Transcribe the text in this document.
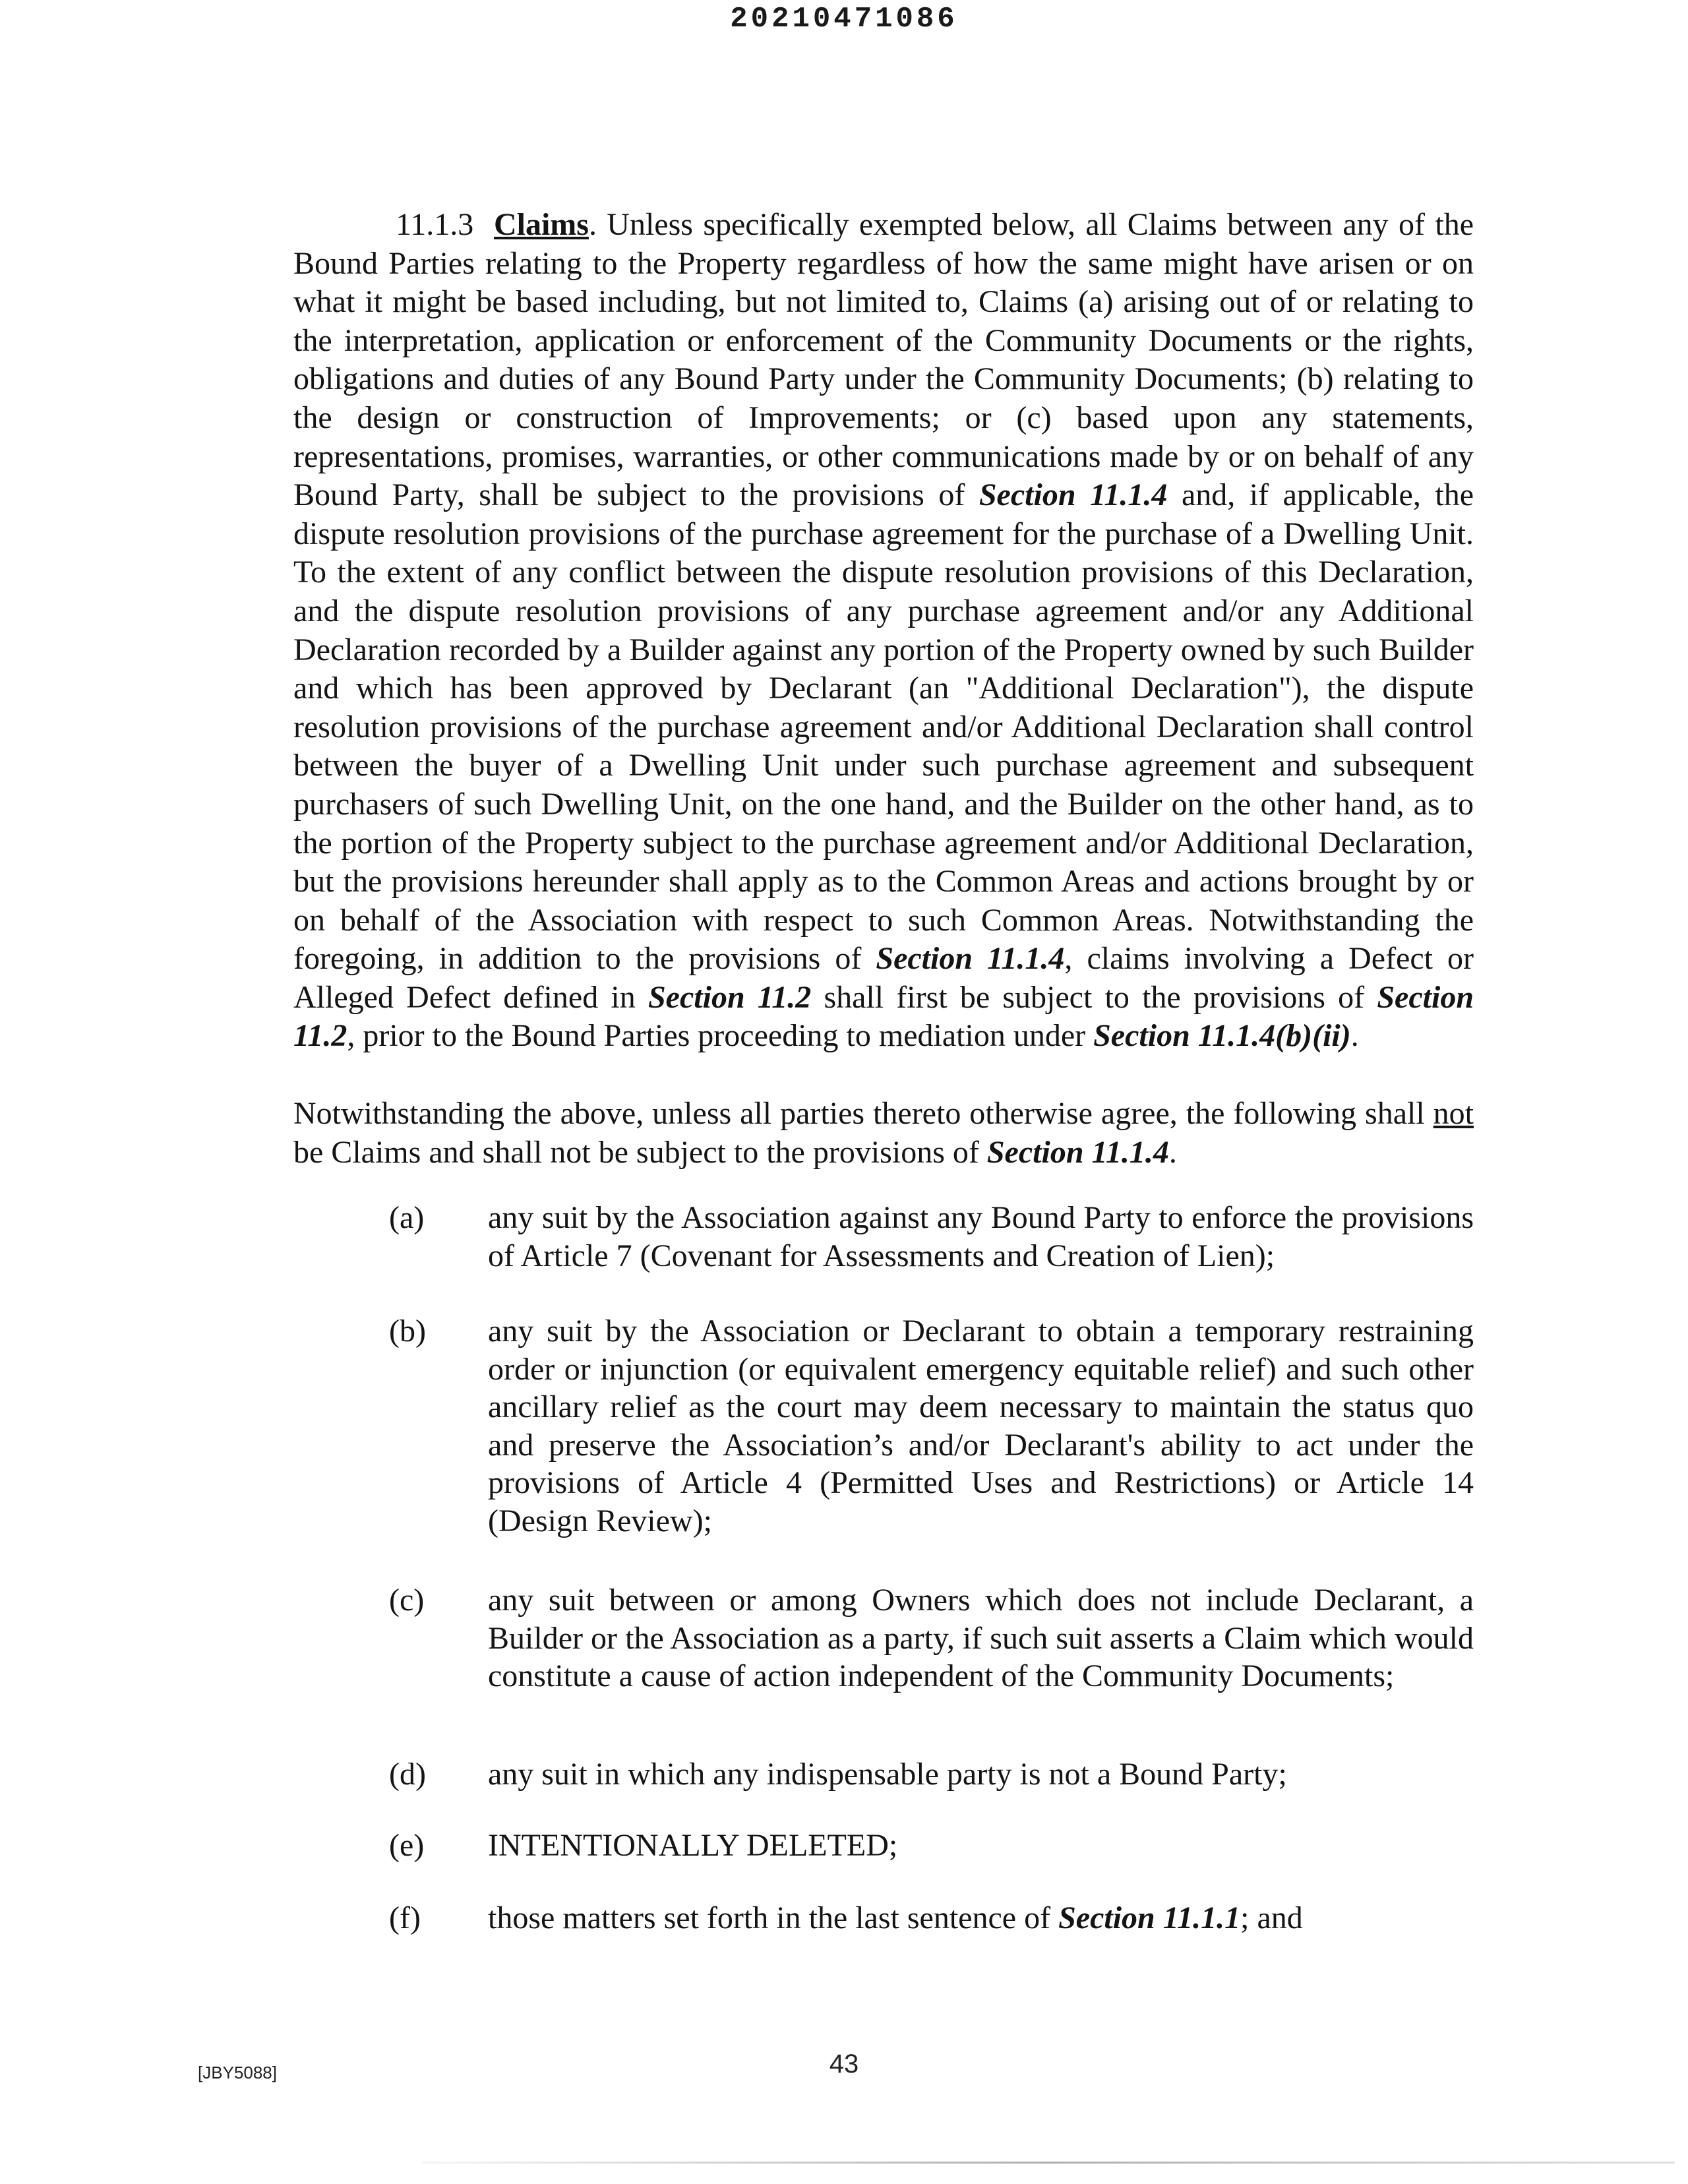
20210471086
11.1.3 Claims. Unless specifically exempted below, all Claims between any of the Bound Parties relating to the Property regardless of how the same might have arisen or on what it might be based including, but not limited to, Claims (a) arising out of or relating to the interpretation, application or enforcement of the Community Documents or the rights, obligations and duties of any Bound Party under the Community Documents; (b) relating to the design or construction of Improvements; or (c) based upon any statements, representations, promises, warranties, or other communications made by or on behalf of any Bound Party, shall be subject to the provisions of Section 11.1.4 and, if applicable, the dispute resolution provisions of the purchase agreement for the purchase of a Dwelling Unit. To the extent of any conflict between the dispute resolution provisions of this Declaration, and the dispute resolution provisions of any purchase agreement and/or any Additional Declaration recorded by a Builder against any portion of the Property owned by such Builder and which has been approved by Declarant (an "Additional Declaration"), the dispute resolution provisions of the purchase agreement and/or Additional Declaration shall control between the buyer of a Dwelling Unit under such purchase agreement and subsequent purchasers of such Dwelling Unit, on the one hand, and the Builder on the other hand, as to the portion of the Property subject to the purchase agreement and/or Additional Declaration, but the provisions hereunder shall apply as to the Common Areas and actions brought by or on behalf of the Association with respect to such Common Areas. Notwithstanding the foregoing, in addition to the provisions of Section 11.1.4, claims involving a Defect or Alleged Defect defined in Section 11.2 shall first be subject to the provisions of Section 11.2, prior to the Bound Parties proceeding to mediation under Section 11.1.4(b)(ii).
Notwithstanding the above, unless all parties thereto otherwise agree, the following shall not be Claims and shall not be subject to the provisions of Section 11.1.4.
(a) any suit by the Association against any Bound Party to enforce the provisions of Article 7 (Covenant for Assessments and Creation of Lien);
(b) any suit by the Association or Declarant to obtain a temporary restraining order or injunction (or equivalent emergency equitable relief) and such other ancillary relief as the court may deem necessary to maintain the status quo and preserve the Association’s and/or Declarant's ability to act under the provisions of Article 4 (Permitted Uses and Restrictions) or Article 14 (Design Review);
(c) any suit between or among Owners which does not include Declarant, a Builder or the Association as a party, if such suit asserts a Claim which would constitute a cause of action independent of the Community Documents;
(d) any suit in which any indispensable party is not a Bound Party;
(e) INTENTIONALLY DELETED;
(f) those matters set forth in the last sentence of Section 11.1.1; and
[JBY5088]	43
